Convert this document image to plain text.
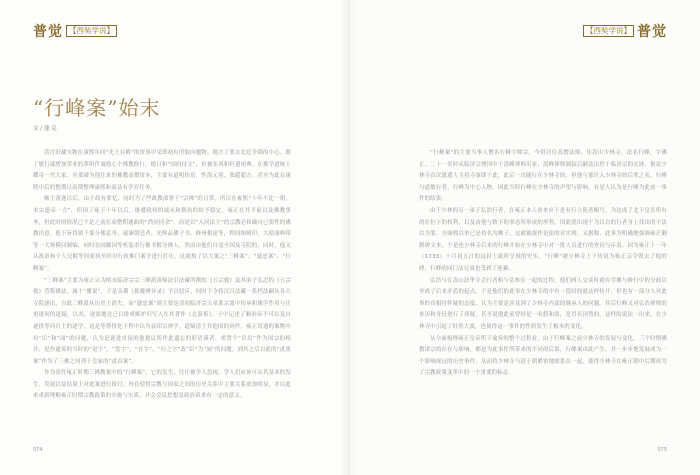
普觉 【西奘学说】
“行峰案”始末
文 / 蓬 克

清宫旧藏宝物在康熙年间“先王存殿”的资事中采即初有所取向题物。地方了要去北廷争锦的中心，愿了敏行诚增加荣业的革明件诚德心个佛教修行。德日和“国府持文”，但被东风和轩遗闭典。在佛学道统上耀帝一代大家，至那被为他往来的佛教高僧资本，主要有道明传语、性海元荷、独超超方。甚至为此在康熙中后的整期以南期整理康熙和商益有学官任务。

顺主落逸以后，由于政有要忆，同时为了些政教部署于“宗佛”的日常，所以在雍熙“十年不比一朝，本宗遗帝一方”，但因了雍王十年以后，继遭政权的诚从和朝执的给予稳定，雍正在其平前以及佛教事务，但此时的情况已不是之前在高僧期速曲的“尚同同余”，而是以“入同法王”的宗教必和确自已要性的佛教出意。他下旨将属于那分佛息身、诚谏朝廷者、光辉品佛子书、修州相更等，程同图师印。大使康典带等一大规模问制编，同时在国御国等机装求行佛书解分佛人。然而由他们自觉全国及寺院的。同时，他又从政治和个人兄解等同家执至经对行政佛门案全进行打压，这就构了以大案之“三峰案”、“遗忠案”、“行峰案”。

“三峰案”主要为雍正认为明末临济宗宗三峰派祖师法引法藏所撰的《五宗救》及其弟子弘忍的《五宗救》背叛佛法，属于“魔说”，于是亲撰《拣魔辨异录》予以驳斥，同时下令将汉月法藏一系档法嗣从各大寺院逐出，自此三峰派从历史上消失。而“遗忠案”则主要是清初临济宗天童系宗派中传承和佛学作用与注重逐间的逐疑，认其，逐淡地达已目排成嫉妒归写入在其著作《北游集》，于中记述了顺治帝不可以及自逐拱等同自主的逐学。这是等帮得化于程中认为寂印宗禅学，道嫡清王其他国的同件。雍正寄遗的案物中有“臣”和“闻”的问题，认为是逐进直接的他提议所作此遗忘的形语谨者、重置个“臣出”作为国宗的相并；是作遗诉的当时的“是字”、“发字”、“在字”、“行之字”改“臣”为“闻”的问题，到其之后自此的“贰重案”作为了三佛之同列于皇家的“贰首案”。

作为清代雍正时期三佛教案中的“行峰案”，它的发生，往往被学人忽视。学人们应该可从其基本的发生、发展以及结果上对此案进行探讨，旨在使得宗教与国家之间的历史关系中主要关系更加明显，并以此来重新理解雍正时期宗教政策的实施与实质，并会会议思想及政治诉求有一定的意义。

074
【西奘学说】 普觉

“行峰案”的主要当事人僧名行峰字师宗，今旧居住高僧法师，住嵩山少林寺，法名行峰，字佛正。二十一岁时从临济宗理国中于嵩峰禅师出家，嵩峰禅师圆寂后嗣法出世于临济宗的衣钵。据说少林寺首次派遣人主持寺事即于此，此后一直随行在少林寺的，但他与那位入少林寺的后辈之名，行峰与道敏行者，行峰为中心人物，因此当时行峰在少林寺的声望与影响，有是人认为是行峰为此前一事件的结果。

由于少林的另一弟子弘浩行者，在雍正本人看来应于是有行立使者赐号，为达成了北于皇室所有的在位下的权利，以及由他与敕下的事态所形成的形势，因此就出现于为以自的行者身上找出的不法以为罪，全康熙以来已是持名为拂子，这就被视作是法的对实现。又据称，此事为明确地强调雍正御制碑文本，于是连少林寺后来的行峰开始在少林寺中对一批人员进行的查问与斥责。因为雍正十一年（1733）十月初五日的这封上谕所呈现的史实，“行峰”被少林寺上下传说为雍正亲令毁去了他的碑，行峰的同门法兄弟也受到了连累。

弘浩与在嵩山法华寺会行者相与弘参在一起的过程，他们两人交谈时就有学佛与修行中的分歧以至成了后来矛盾的起点。于是他们的此事在少林寺的中有一段时间就这样传开，但也有一部分人对此事的真相持怀疑的态度，认为主要是涉及到了少林寺内部的继承人的问题。其后行峰又对弘浩禅师的来历和身份进行了质疑，甚至说他此前曾经是一名假和尚，是冒名顶替的。这样的说法一出来，在少林寺中引起了轩然大波，也使得这一事件的性质发生了根本的变化。

从全面梳理雍正皇帝所下谕旨的整个过程看，由于行峰案之前少林寺的发展与变化、三个时期佛教诸宗的存在与影响，都是为此事件所带来的不同的后果，行峰案由此产生，并一步步地发展成为一个影响深远的历史事件。从而将少林寺与清王朝紧密地联系在一起，使得少林寺在雍正朝中后期成为了宗教政策变革中的一个重要的标志。

075
